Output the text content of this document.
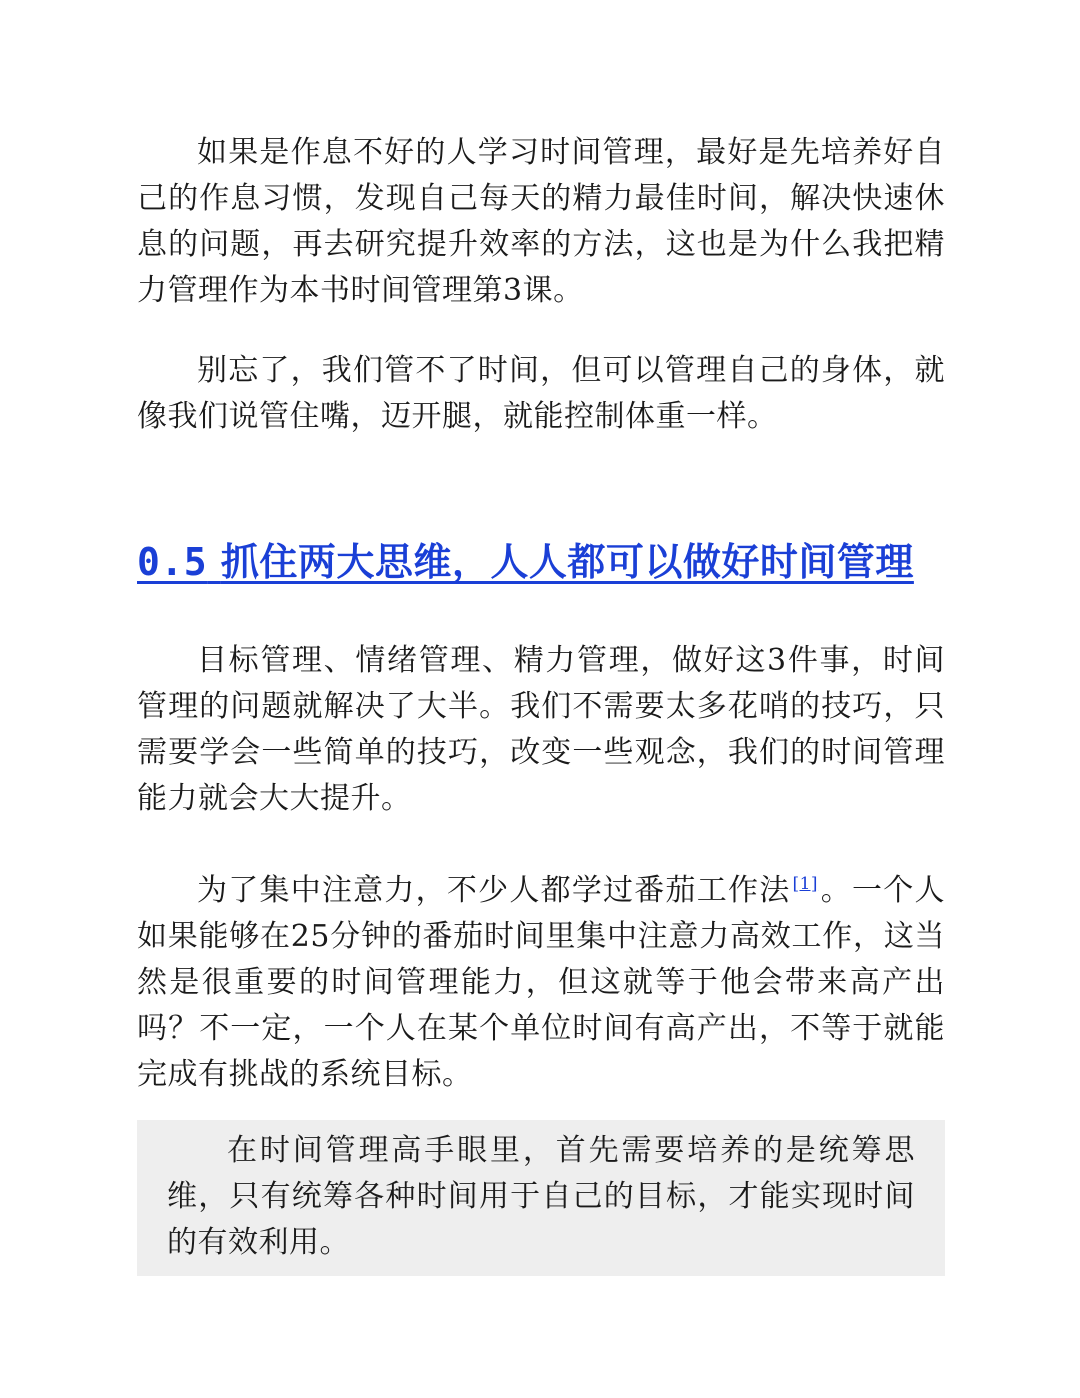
如果是作息不好的人学习时间管理，最好是先培养好自己的作息习惯，发现自己每天的精力最佳时间，解决快速休息的问题，再去研究提升效率的方法，这也是为什么我把精力管理作为本书时间管理第3课。

别忘了，我们管不了时间，但可以管理自己的身体，就像我们说管住嘴，迈开腿，就能控制体重一样。

0.5 抓住两大思维，人人都可以做好时间管理

目标管理、情绪管理、精力管理，做好这3件事，时间管理的问题就解决了大半。我们不需要太多花哨的技巧，只需要学会一些简单的技巧，改变一些观念，我们的时间管理能力就会大大提升。

为了集中注意力，不少人都学过番茄工作法 [1]。一个人如果能够在25分钟的番茄时间里集中注意力高效工作，这当然是很重要的时间管理能力，但这就等于他会带来高产出吗？不一定，一个人在某个单位时间有高产出，不等于就能完成有挑战的系统目标。

在时间管理高手眼里，首先需要培养的是统筹思维，只有统筹各种时间用于自己的目标，才能实现时间的有效利用。
